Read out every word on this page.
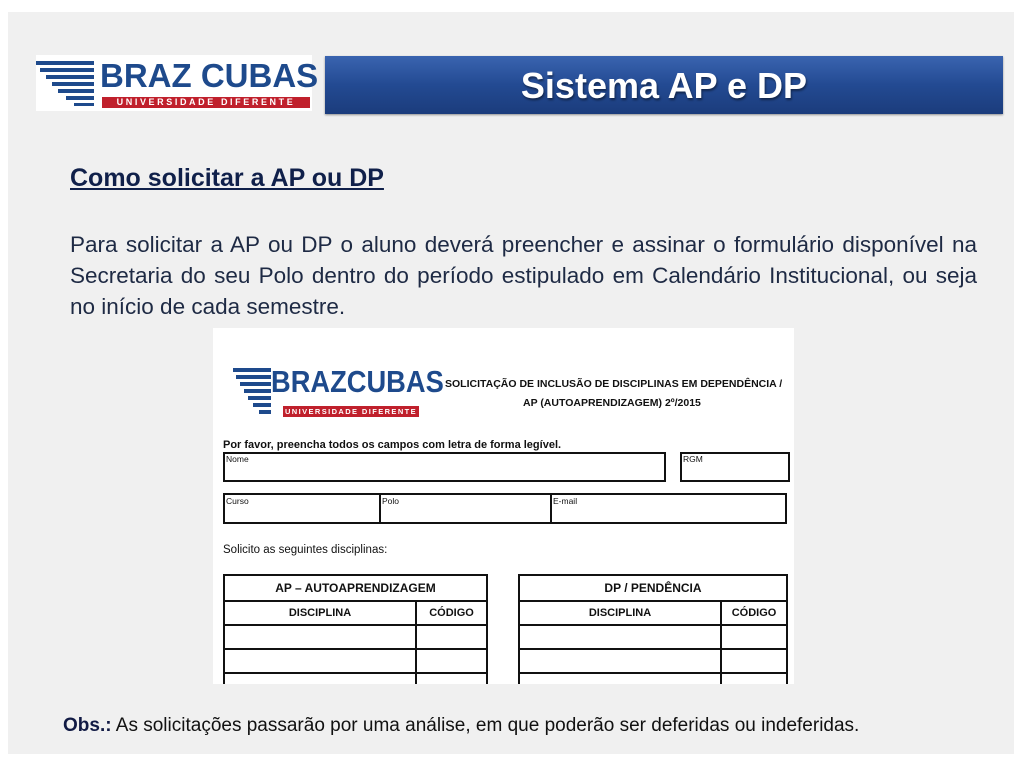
BRAZ CUBAS
UNIVERSIDADE DIFERENTE	Sistema AP e DP
Como solicitar a AP ou DP
Para solicitar a AP ou DP o aluno deverá preencher e assinar o formulário disponível na Secretaria do seu Polo dentro do período estipulado em Calendário Institucional, ou seja no início de cada semestre.
BRAZCUBAS
UNIVERSIDADE DIFERENTE
SOLICITAÇÃO DE INCLUSÃO DE DISCIPLINAS EM DEPENDÊNCIA /
AP (AUTOAPRENDIZAGEM) 2º/2015
Por favor, preencha todos os campos com letra de forma legível.
Nome	RGM
Curso	Polo	E-mail
Solicito as seguintes disciplinas:
AP – AUTOAPRENDIZAGEM	
DISCIPLINA	CÓDIGO

DP / PENDÊNCIA	
DISCIPLINA	CÓDIGO

Obs.: As solicitações passarão por uma análise, em que poderão ser deferidas ou indeferidas.
